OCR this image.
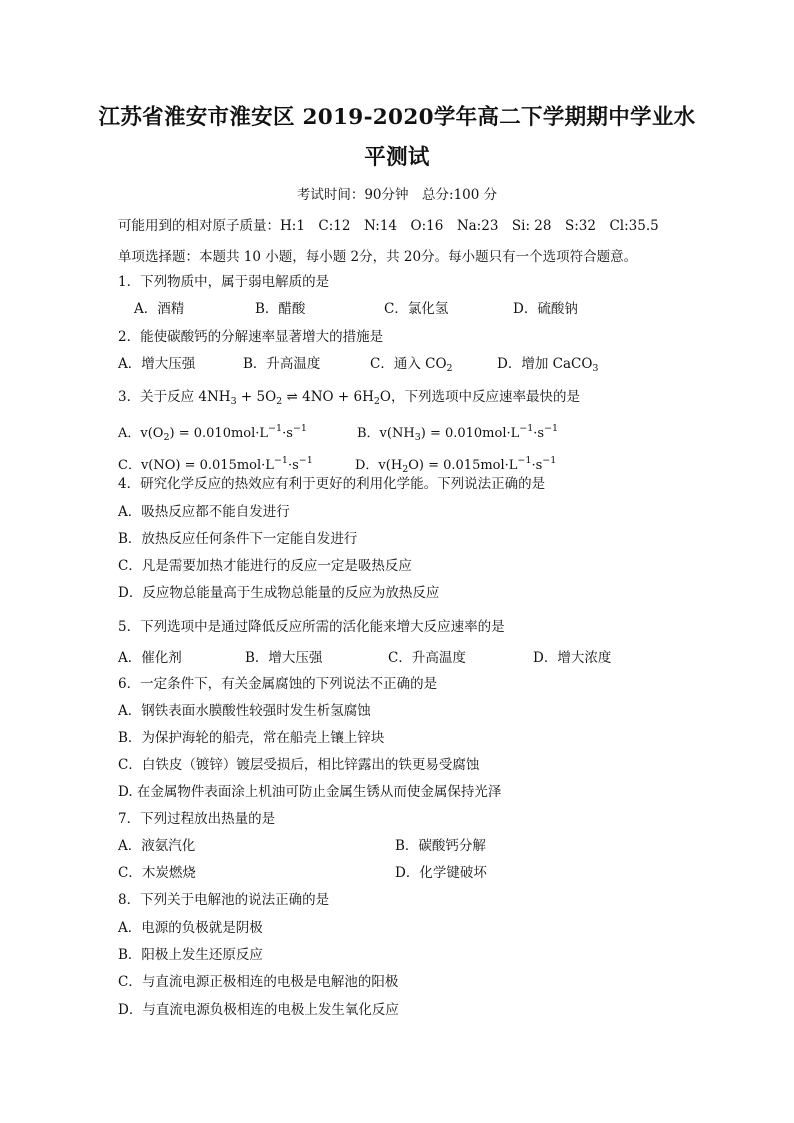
江苏省淮安市淮安区 2019-2020学年高二下学期期中学业水
平测试
考试时间：90分钟　总分:100 分
可能用到的相对原子质量：H:1　C:12　N:14　O:16　Na:23　Si: 28　S:32　Cl:35.5
单项选择题：本题共 10 小题，每小题 2分，共 20分。每小题只有一个选项符合题意。
1．下列物质中，属于弱电解质的是
A．酒精	B．醋酸	C．氯化氢	D．硫酸钠
2．能使碳酸钙的分解速率显著增大的措施是
A．增大压强	B．升高温度	C．通入 $CO_2$	D．增加 CaCO$_3$
3．关于反应 $4NH_3 + 5O_2$ ⇌ $4NO + 6H_2O$，下列选项中反应速率最快的是
A．$v(O_2) = 0.010mol\cdot L^{-1}\cdot s^{-1}$	B．$v(NH_3) = 0.010mol\cdot L^{-1}\cdot s^{-1}$
C．$v(NO) = 0.015mol\cdot L^{-1}\cdot s^{-1}$	D．$v(H_2O) = 0.015mol\cdot L^{-1}\cdot s^{-1}$
4．研究化学反应的热效应有利于更好的利用化学能。下列说法正确的是
A．吸热反应都不能自发进行
B．放热反应任何条件下一定能自发进行
C．凡是需要加热才能进行的反应一定是吸热反应
D．反应物总能量高于生成物总能量的反应为放热反应
5．下列选项中是通过降低反应所需的活化能来增大反应速率的是
A．催化剂	B．增大压强	C．升高温度	D．增大浓度
6．一定条件下，有关金属腐蚀的下列说法不正确的是
A．钢铁表面水膜酸性较强时发生析氢腐蚀
B．为保护海轮的船壳，常在船壳上镶上锌块
C．白铁皮（镀锌）镀层受损后，相比锌露出的铁更易受腐蚀
D. 在金属物件表面涂上机油可防止金属生锈从而使金属保持光泽
7．下列过程放出热量的是
A．液氨汽化	B．碳酸钙分解
C．木炭燃烧	D．化学键破坏
8．下列关于电解池的说法正确的是
A．电源的负极就是阴极
B．阳极上发生还原反应
C．与直流电源正极相连的电极是电解池的阳极
D．与直流电源负极相连的电极上发生氧化反应
